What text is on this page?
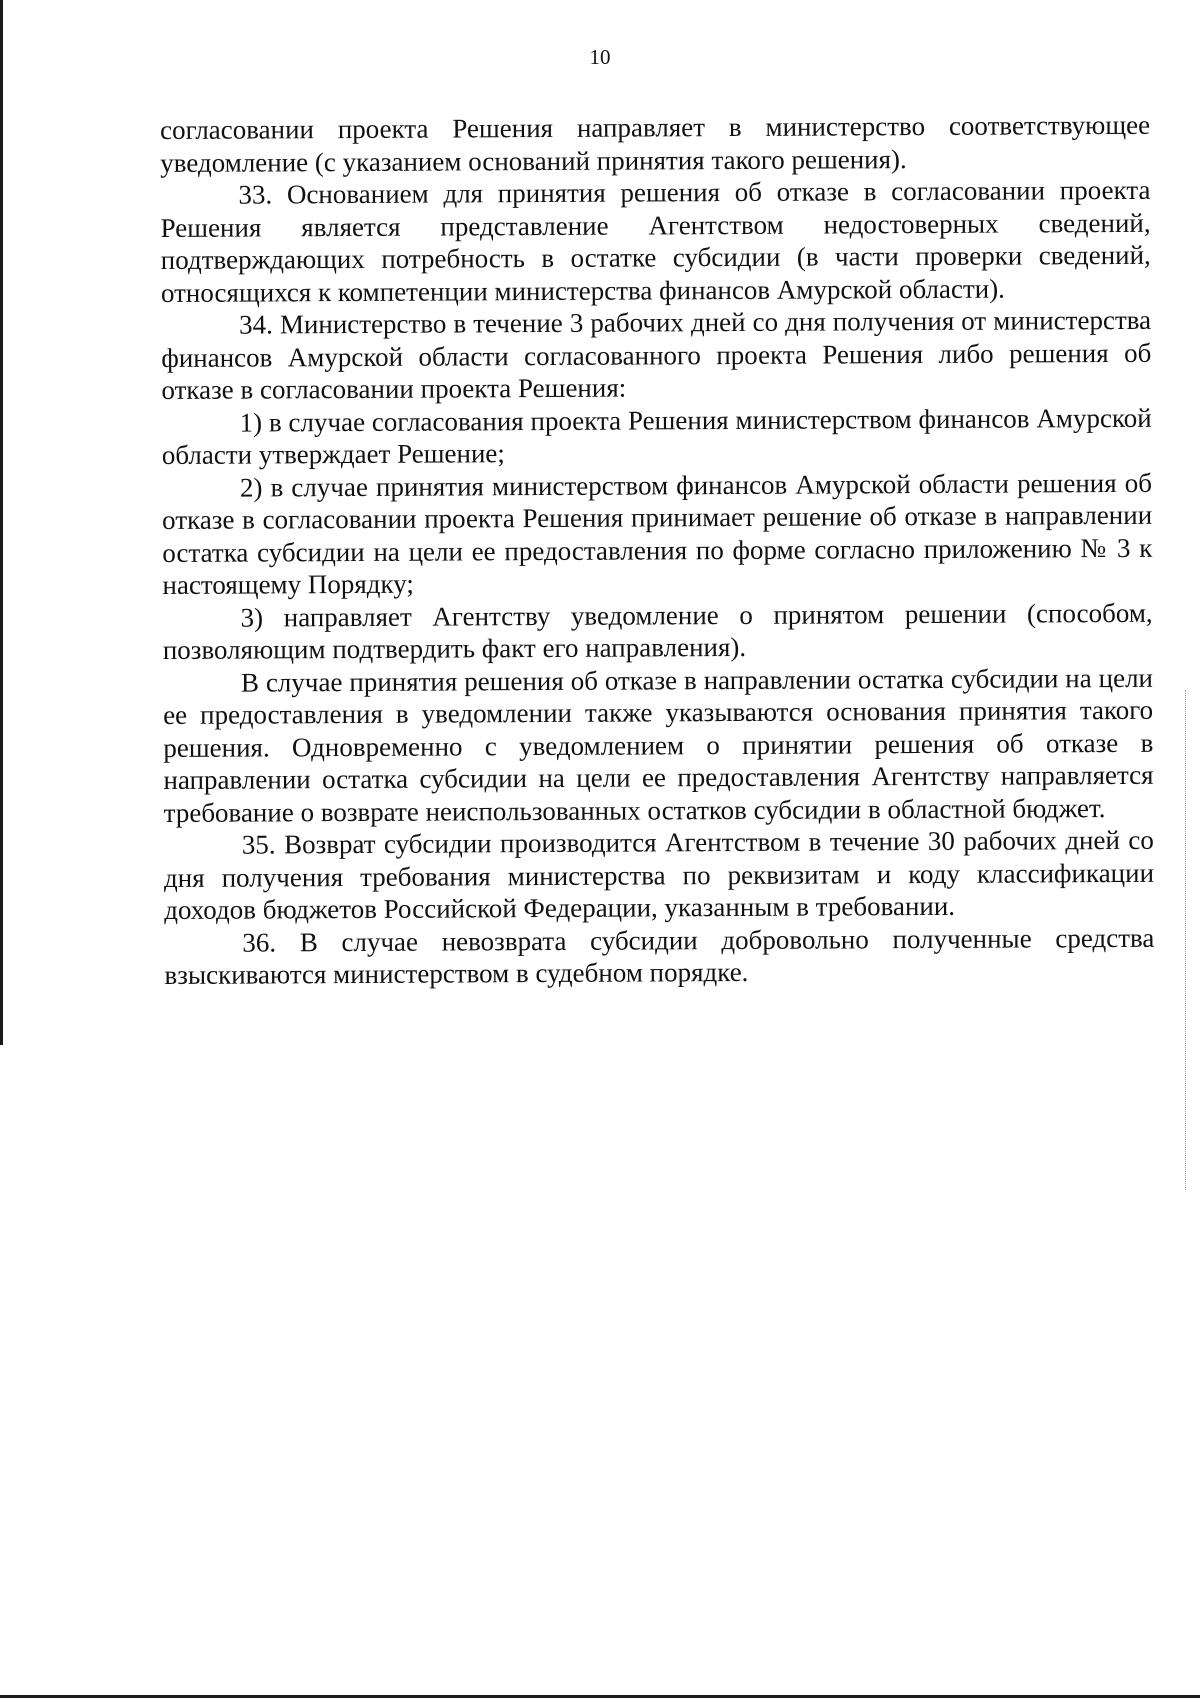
10

согласовании проекта Решения направляет в министерство соответствующее уведомление (с указанием оснований принятия такого решения).

33. Основанием для принятия решения об отказе в согласовании проекта Решения является представление Агентством недостоверных сведений, подтверждающих потребность в остатке субсидии (в части проверки сведений, относящихся к компетенции министерства финансов Амурской области).

34. Министерство в течение 3 рабочих дней со дня получения от министерства финансов Амурской области согласованного проекта Решения либо решения об отказе в согласовании проекта Решения:

1) в случае согласования проекта Решения министерством финансов Амурской области утверждает Решение;

2) в случае принятия министерством финансов Амурской области решения об отказе в согласовании проекта Решения принимает решение об отказе в направлении остатка субсидии на цели ее предоставления по форме согласно приложению № 3 к настоящему Порядку;

3) направляет Агентству уведомление о принятом решении (способом, позволяющим подтвердить факт его направления).

В случае принятия решения об отказе в направлении остатка субсидии на цели ее предоставления в уведомлении также указываются основания принятия такого решения. Одновременно с уведомлением о принятии решения об отказе в направлении остатка субсидии на цели ее предоставления Агентству направляется требование о возврате неиспользованных остатков субсидии в областной бюджет.

35. Возврат субсидии производится Агентством в течение 30 рабочих дней со дня получения требования министерства по реквизитам и коду классификации доходов бюджетов Российской Федерации, указанным в требовании.

36. В случае невозврата субсидии добровольно полученные средства взыскиваются министерством в судебном порядке.
